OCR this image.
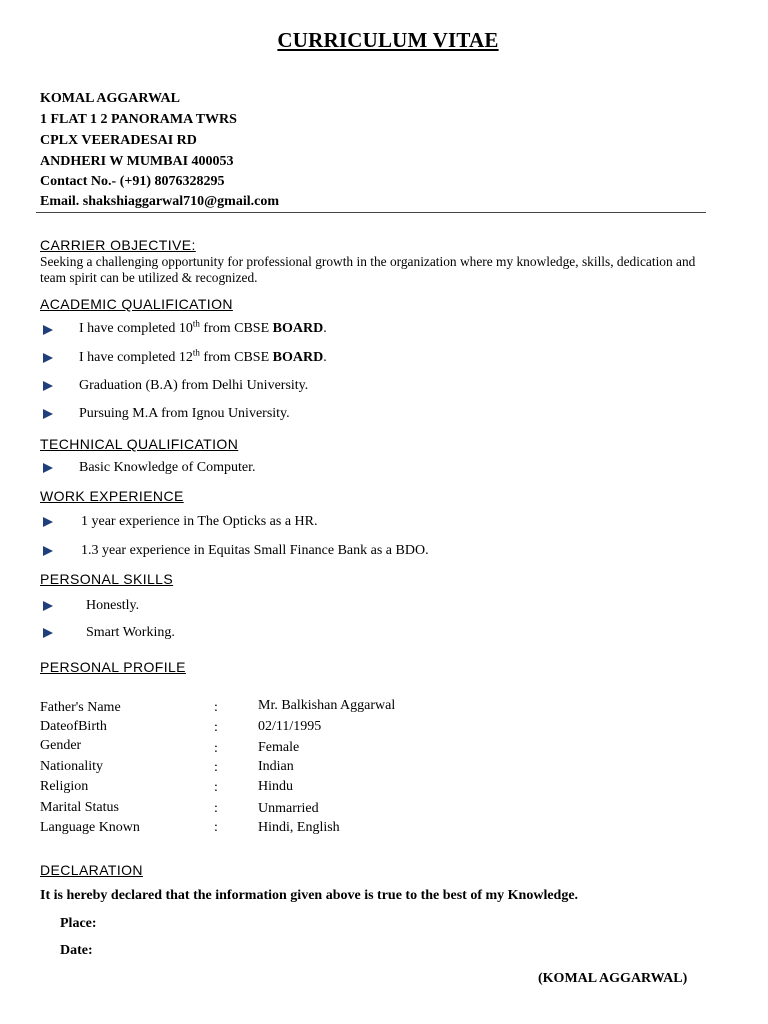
CURRICULUM VITAE
KOMAL AGGARWAL
1 FLAT 1 2 PANORAMA TWRS
CPLX VEERADESAI RD
ANDHERI W MUMBAI 400053
Contact No.- (+91) 8076328295
Email. shakshiaggarwal710@gmail.com
CARRIER OBJECTIVE:
Seeking a challenging opportunity for professional growth in the organization where my knowledge, skills, dedication and team spirit can be utilized & recognized.
ACADEMIC QUALIFICATION
I have completed 10th from CBSE BOARD.
I have completed 12th from CBSE BOARD.
Graduation (B.A) from Delhi University.
Pursuing M.A from Ignou University.
TECHNICAL QUALIFICATION
Basic Knowledge of Computer.
WORK EXPERIENCE
1 year experience in The Opticks as a HR.
1.3 year experience in Equitas Small Finance Bank as a BDO.
PERSONAL SKILLS
Honestly.
Smart Working.
PERSONAL PROFILE
Father's Name	:	Mr. Balkishan Aggarwal
DateofBirth	:	02/11/1995
Gender	:	Female
Nationality	:	Indian
Religion	:	Hindu
Marital Status	:	Unmarried
Language Known	:	Hindi, English
DECLARATION
It is hereby declared that the information given above is true to the best of my Knowledge.
Place:
Date:
(KOMAL AGGARWAL)
